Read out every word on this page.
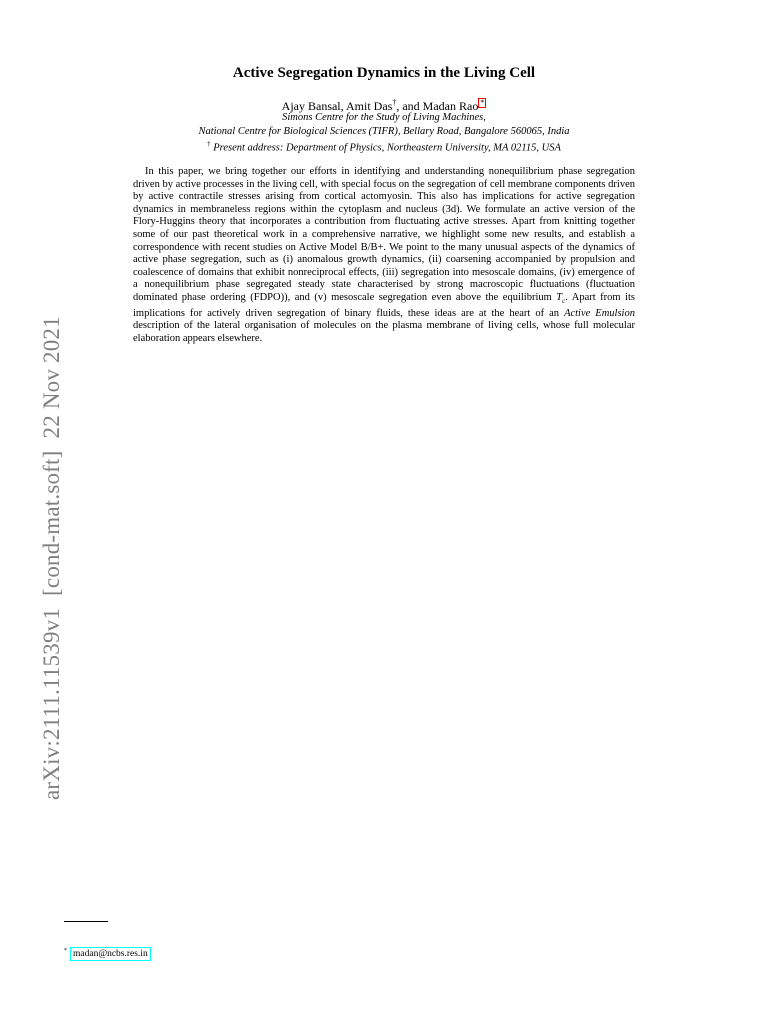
arXiv:2111.11539v1[cond-mat.soft]22 Nov 2021
Active Segregation Dynamics in the Living Cell
Ajay Bansal, Amit Das†, and Madan Rao *
Simons Centre for the Study of Living Machines,
National Centre for Biological Sciences (TIFR), Bellary Road, Bangalore 560065, India
† Present address: Department of Physics, Northeastern University, MA 02115, USA
In this paper, we bring together our efforts in identifying and understanding nonequilibrium phase segregation driven by active processes in the living cell, with special focus on the segregation of cell membrane components driven by active contractile stresses arising from cortical actomyosin. This also has implications for active segregation dynamics in membraneless regions within the cytoplasm and nucleus (3d). We formulate an active version of the Flory-Huggins theory that incorporates a contribution from fluctuating active stresses. Apart from knitting together some of our past theoretical work in a comprehensive narrative, we highlight some new results, and establish a correspondence with recent studies on Active Model B/B+. We point to the many unusual aspects of the dynamics of active phase segregation, such as (i) anomalous growth dynamics, (ii) coarsening accompanied by propulsion and coalescence of domains that exhibit nonreciprocal effects, (iii) segregation into mesoscale domains, (iv) emergence of a nonequilibrium phase segregated steady state characterised by strong macroscopic fluctuations (fluctuation dominated phase ordering (FDPO)), and (v) mesoscale segregation even above the equilibrium $T_c$. Apart from its implications for actively driven segregation of binary fluids, these ideas are at the heart of an Active Emulsion description of the lateral organisation of molecules on the plasma membrane of living cells, whose full molecular elaboration appears elsewhere.
* madan@ncbs.res.in
